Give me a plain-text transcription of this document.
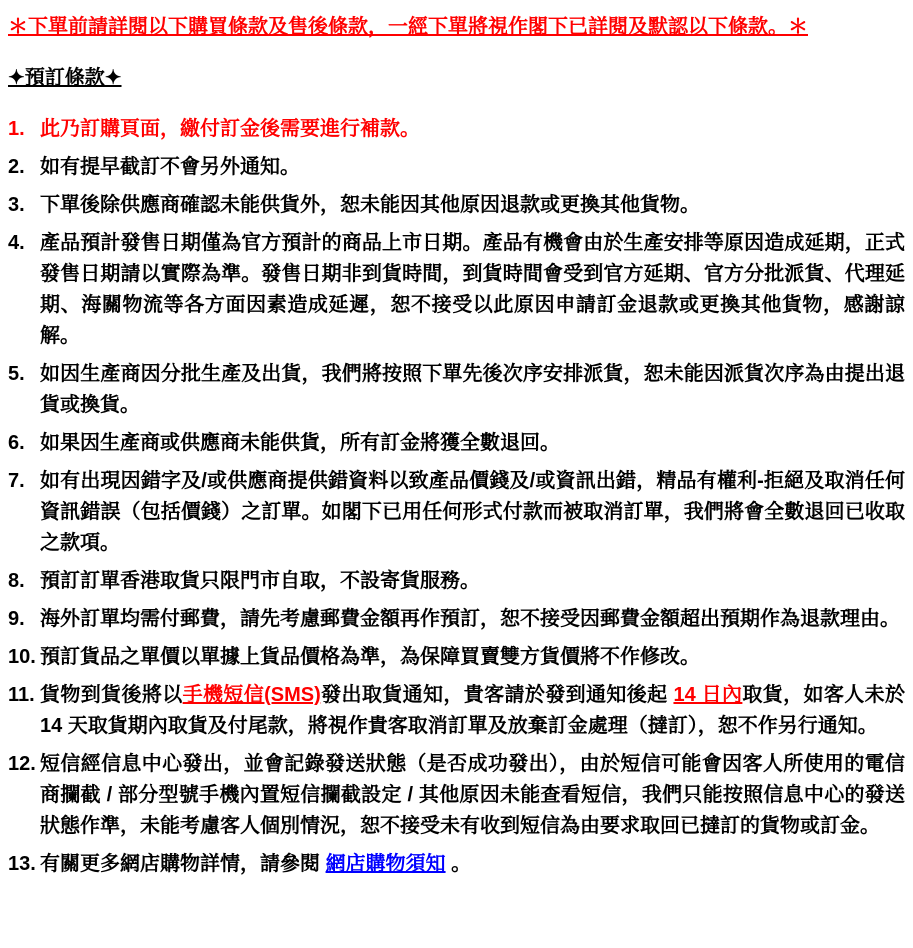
＊下單前請詳閱以下購買條款及售後條款，一經下單將視作閣下已詳閱及默認以下條款。＊
✦預訂條款✦
1. 此乃訂購頁面，繳付訂金後需要進行補款。
2. 如有提早截訂不會另外通知。
3. 下單後除供應商確認未能供貨外，恕未能因其他原因退款或更換其他貨物。
4. 產品預計發售日期僅為官方預計的商品上市日期。產品有機會由於生產安排等原因造成延期，正式發售日期請以實際為準。發售日期非到貨時間，到貨時間會受到官方延期、官方分批派貨、代理延期、海關物流等各方面因素造成延遲，恕不接受以此原因申請訂金退款或更換其他貨物，感謝諒解。
5. 如因生產商因分批生產及出貨，我們將按照下單先後次序安排派貨，恕未能因派貨次序為由提出退貨或換貨。
6. 如果因生產商或供應商未能供貨，所有訂金將獲全數退回。
7. 如有出現因錯字及/或供應商提供錯資料以致產品價錢及/或資訊出錯，精品有權利-拒絕及取消任何資訊錯誤（包括價錢）之訂單。如閣下已用任何形式付款而被取消訂單，我們將會全數退回已收取之款項。
8. 預訂訂單香港取貨只限門市自取，不設寄貨服務。
9. 海外訂單均需付郵費，請先考慮郵費金額再作預訂，恕不接受因郵費金額超出預期作為退款理由。
10. 預訂貨品之單價以單據上貨品價格為準，為保障買賣雙方貨價將不作修改。
11. 貨物到貨後將以手機短信(SMS)發出取貨通知，貴客請於發到通知後起 14 日內取貨，如客人未於 14 天取貨期內取貨及付尾款，將視作貴客取消訂單及放棄訂金處理（撻訂），恕不作另行通知。
12. 短信經信息中心發出，並會記錄發送狀態（是否成功發出），由於短信可能會因客人所使用的電信商攔截 / 部分型號手機內置短信攔截設定 / 其他原因未能查看短信，我們只能按照信息中心的發送狀態作準，未能考慮客人個別情況，恕不接受未有收到短信為由要求取回已撻訂的貨物或訂金。
13. 有關更多網店購物詳情，請參閱 網店購物須知 。
